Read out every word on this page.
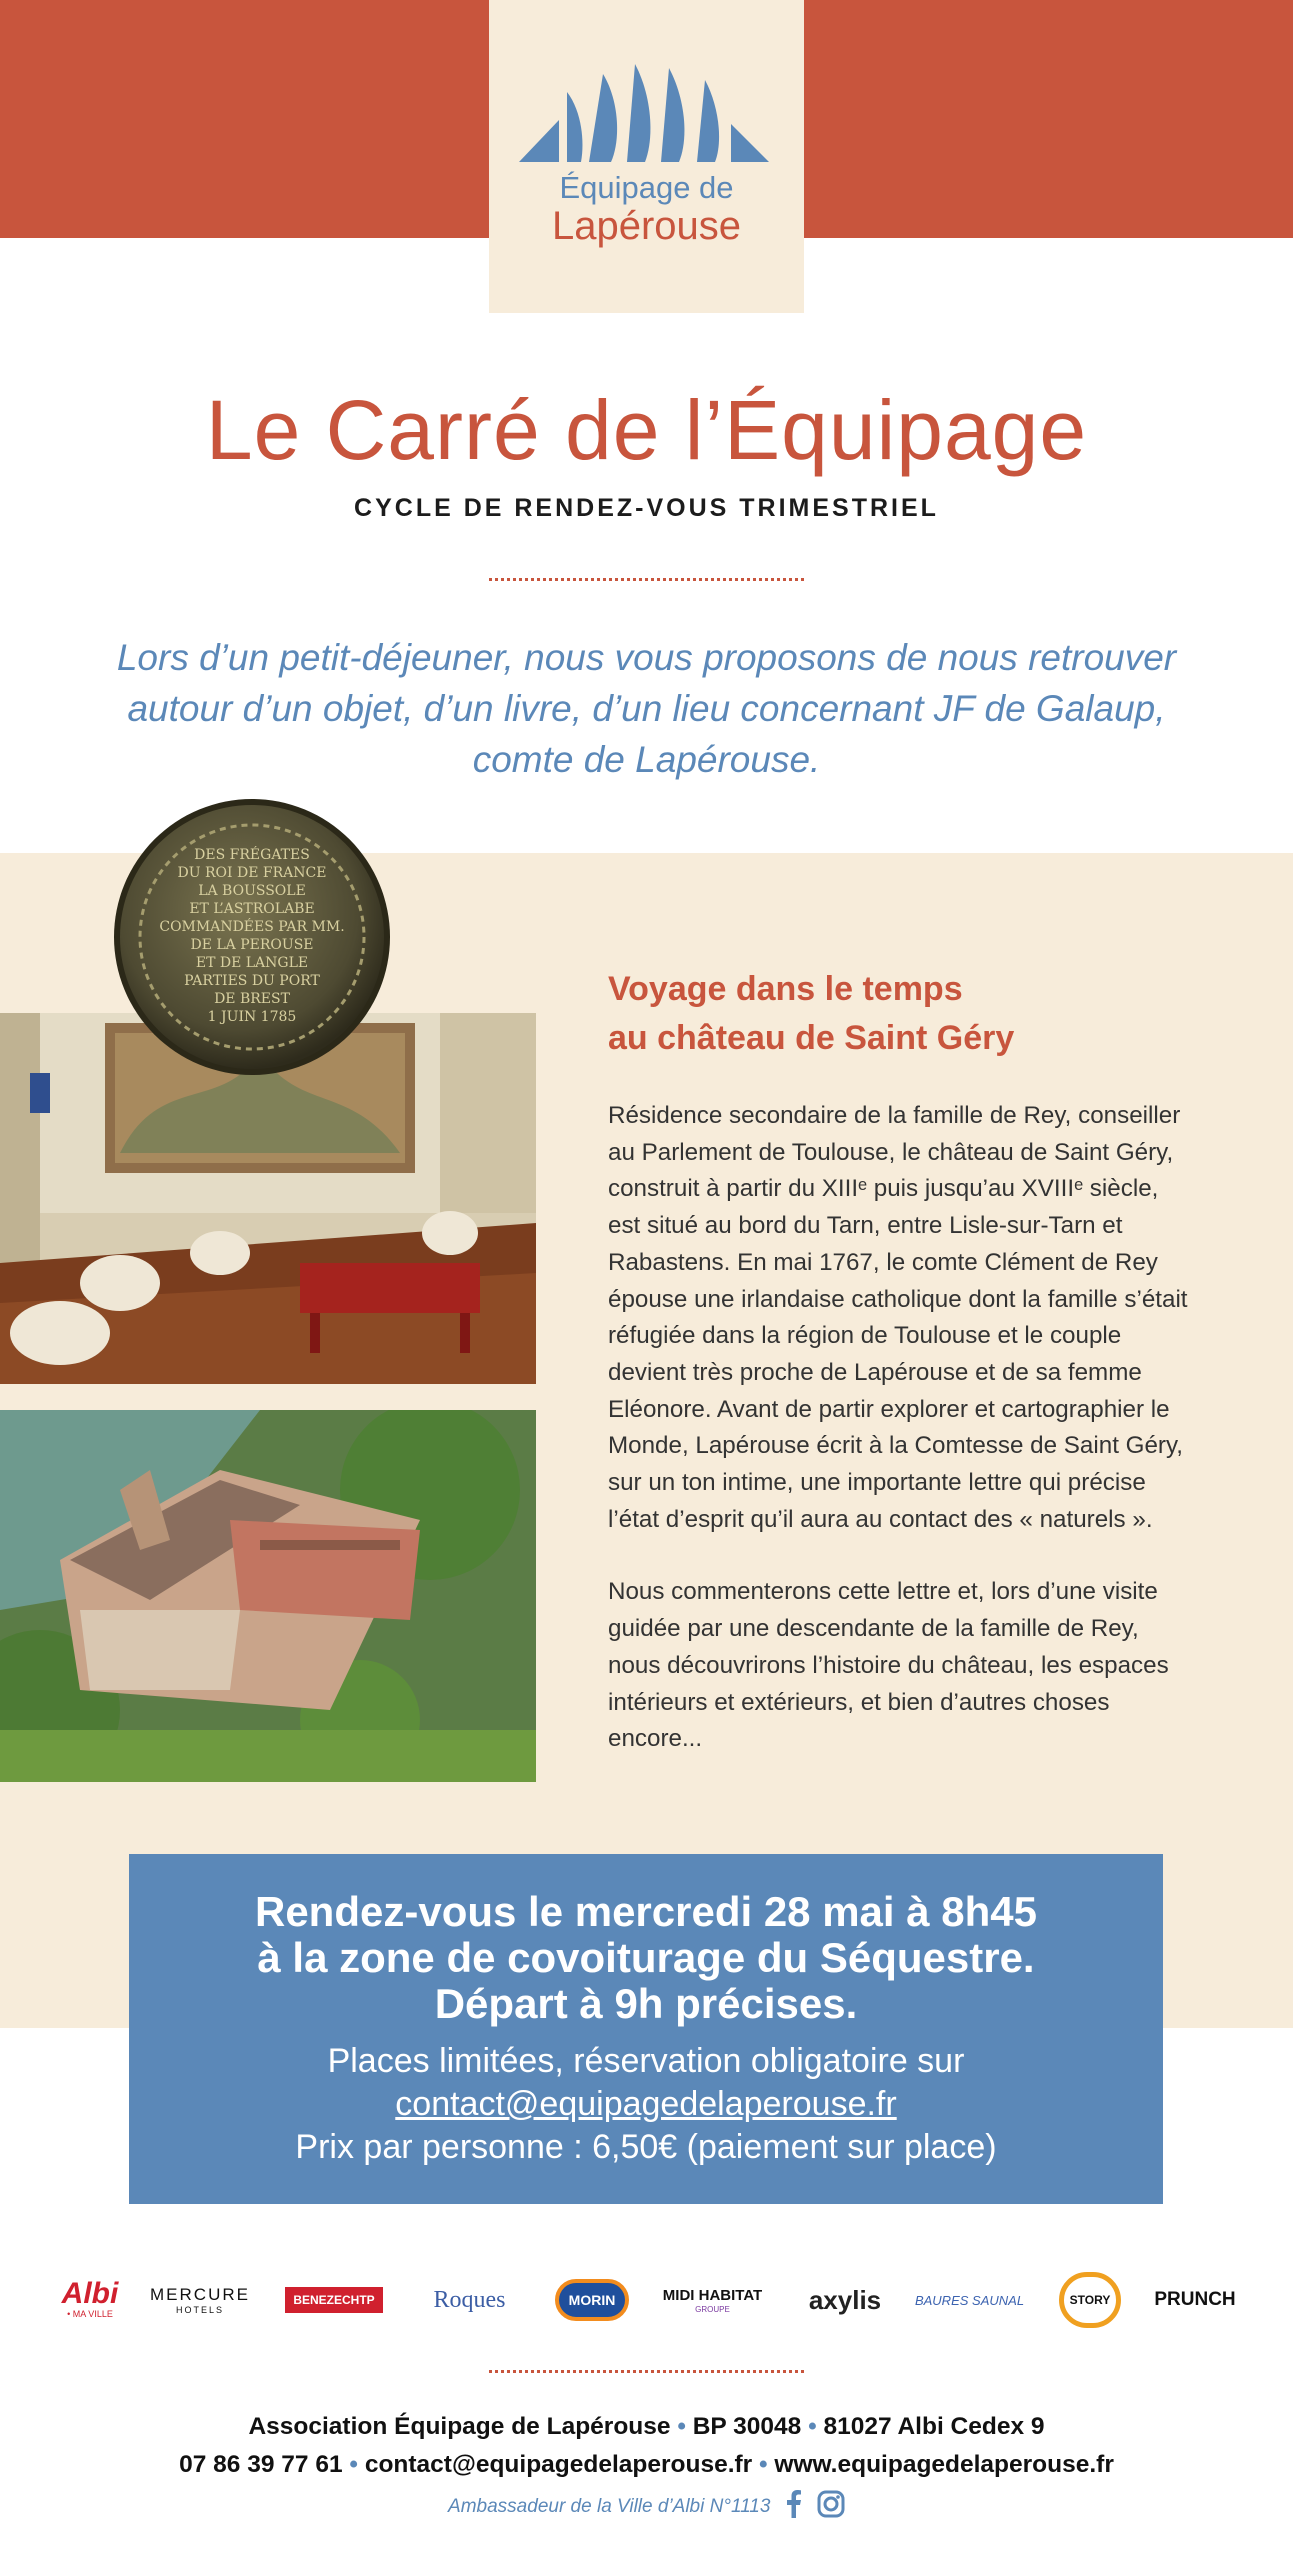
Équipage de
Lapérouse
Le Carré de l’Équipage
CYCLE DE RENDEZ-VOUS TRIMESTRIEL

Lors d’un petit-déjeuner, nous vous proposons de nous retrouver autour d’un objet, d’un livre, d’un lieu concernant JF de Galaup, comte de Lapérouse.

DES FRÉGATES
DU ROI DE FRANCE
LA BOUSSOLE
ET L’ASTROLABE
COMMANDÉES PAR MM.
DE LA PEROUSE
ET DE LANGLE
PARTIES DU PORT
DE BREST
1 JUIN 1785
Voyage dans le temps
au château de Saint Géry

Résidence secondaire de la famille de Rey, conseiller au Parlement de Toulouse, le château de Saint Géry, construit à partir du XIIIᵉ puis jusqu’au XVIIIᵉ siècle, est situé au bord du Tarn, entre Lisle-sur-Tarn et Rabastens. En mai 1767, le comte Clément de Rey épouse une irlandaise catholique dont la famille s’était réfugiée dans la région de Toulouse et le couple devient très proche de Lapérouse et de sa femme Eléonore. Avant de partir explorer et cartographier le Monde, Lapérouse écrit à la Comtesse de Saint Géry, sur un ton intime, une importante lettre qui précise l’état d’esprit qu’il aura au contact des « naturels ».

Nous commenterons cette lettre et, lors d’une visite guidée par une descendante de la famille de Rey, nous découvrirons l’histoire du château, les espaces intérieurs et extérieurs, et bien d’autres choses encore...

Rendez-vous le mercredi 28 mai à 8h45
à la zone de covoiturage du Séquestre.
Départ à 9h précises.
Places limitées, réservation obligatoire sur
contact@equipagedelaperouse.fr
Prix par personne : 6,50€ (paiement sur place)
Albi
• MA VILLE
MERCURE
HOTELS
BENEZECHTP	Roques	MORIN	MIDI HABITAT
GROUPE	axylis	BAURES SAUNAL	STORY	PRUNCH
Association Équipage de Lapérouse • BP 30048 • 81027 Albi Cedex 9
07 86 39 77 61 • contact@equipagedelaperouse.fr • www.equipagedelaperouse.fr
Ambassadeur de la Ville d’Albi N°1113
